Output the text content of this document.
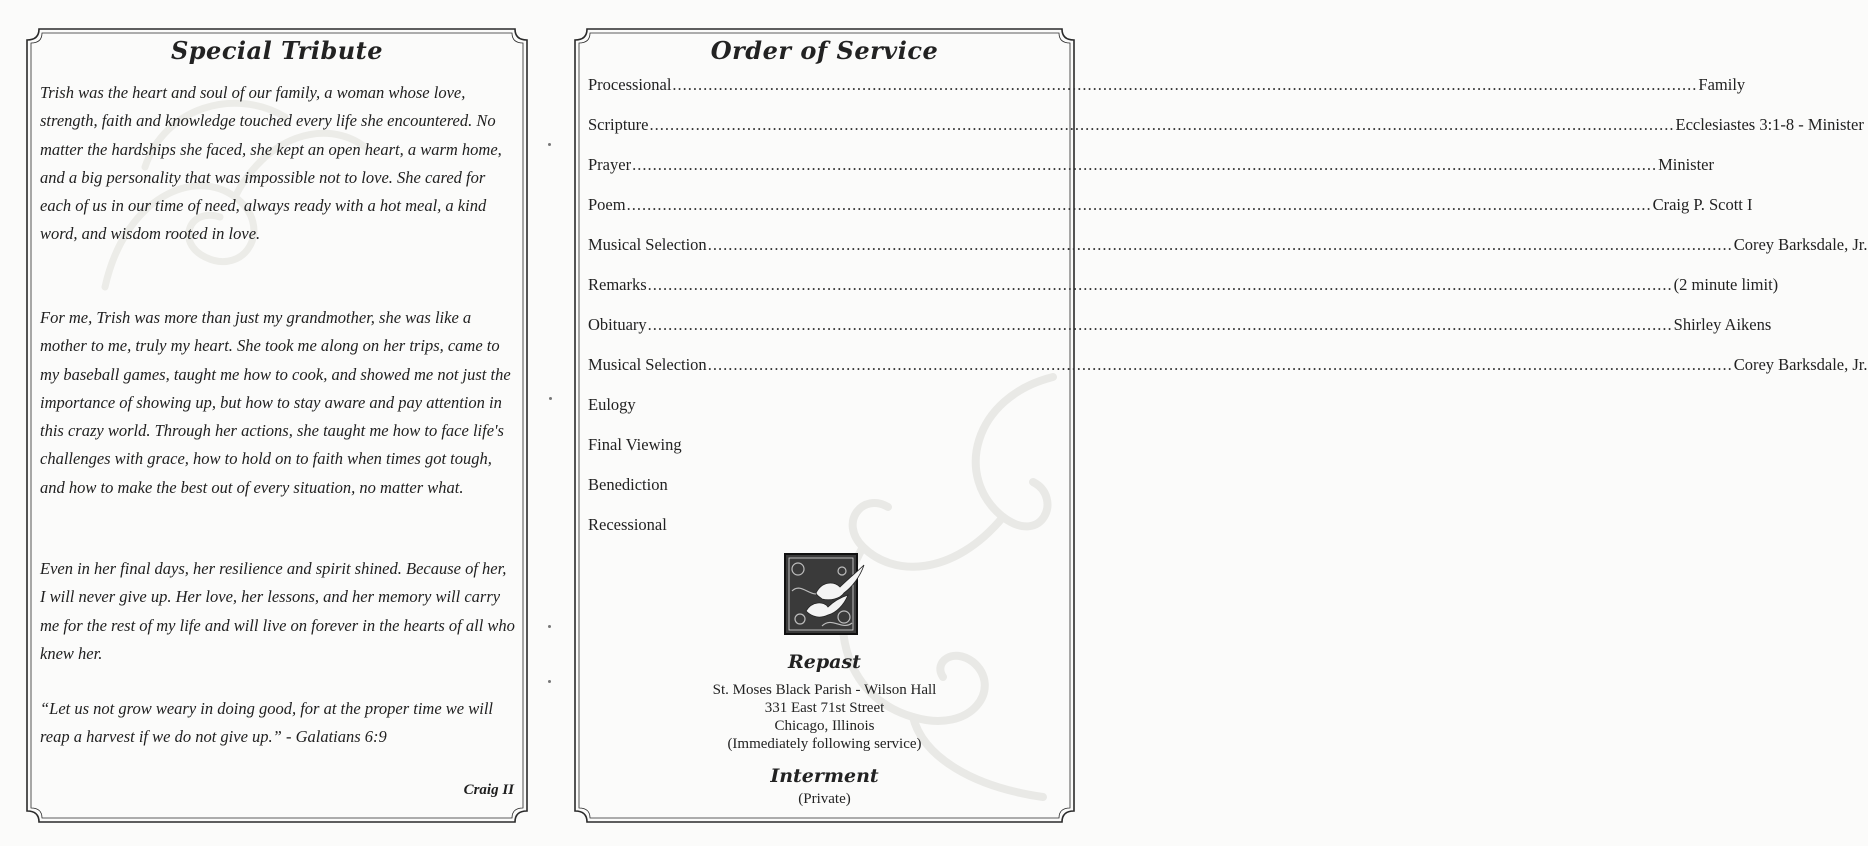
Special Tribute

Trish was the heart and soul of our family, a woman whose love, strength, faith and knowledge touched every life she encountered. No matter the hardships she faced, she kept an open heart, a warm home, and a big personality that was impossible not to love. She cared for each of us in our time of need, always ready with a hot meal, a kind word, and wisdom rooted in love.

For me, Trish was more than just my grandmother, she was like a mother to me, truly my heart. She took me along on her trips, came to my baseball games, taught me how to cook, and showed me not just the importance of showing up, but how to stay aware and pay attention in this crazy world. Through her actions, she taught me how to face life's challenges with grace, how to hold on to faith when times got tough, and how to make the best out of every situation, no matter what.

Even in her final days, her resilience and spirit shined. Because of her, I will never give up. Her love, her lessons, and her memory will carry me for the rest of my life and will live on forever in the hearts of all who knew her.

“Let us not grow weary in doing good, for at the proper time we will reap a harvest if we do not give up.” - Galatians 6:9

Craig II
Order of Service
Processional ........................................................................................................................................................................................................ Family
Scripture ........................................................................................................................................................................................................ Ecclesiastes 3:1-8 - Minister
Prayer ........................................................................................................................................................................................................ Minister
Poem ........................................................................................................................................................................................................ Craig P. Scott I
Musical Selection ........................................................................................................................................................................................................ Corey Barksdale, Jr.
Remarks ........................................................................................................................................................................................................ (2 minute limit)
Obituary ........................................................................................................................................................................................................ Shirley Aikens
Musical Selection ........................................................................................................................................................................................................ Corey Barksdale, Jr.
Eulogy
Final Viewing
Benediction
Recessional
Repast
St. Moses Black Parish - Wilson Hall
331 East 71st Street
Chicago, Illinois
(Immediately following service)
Interment
(Private)
